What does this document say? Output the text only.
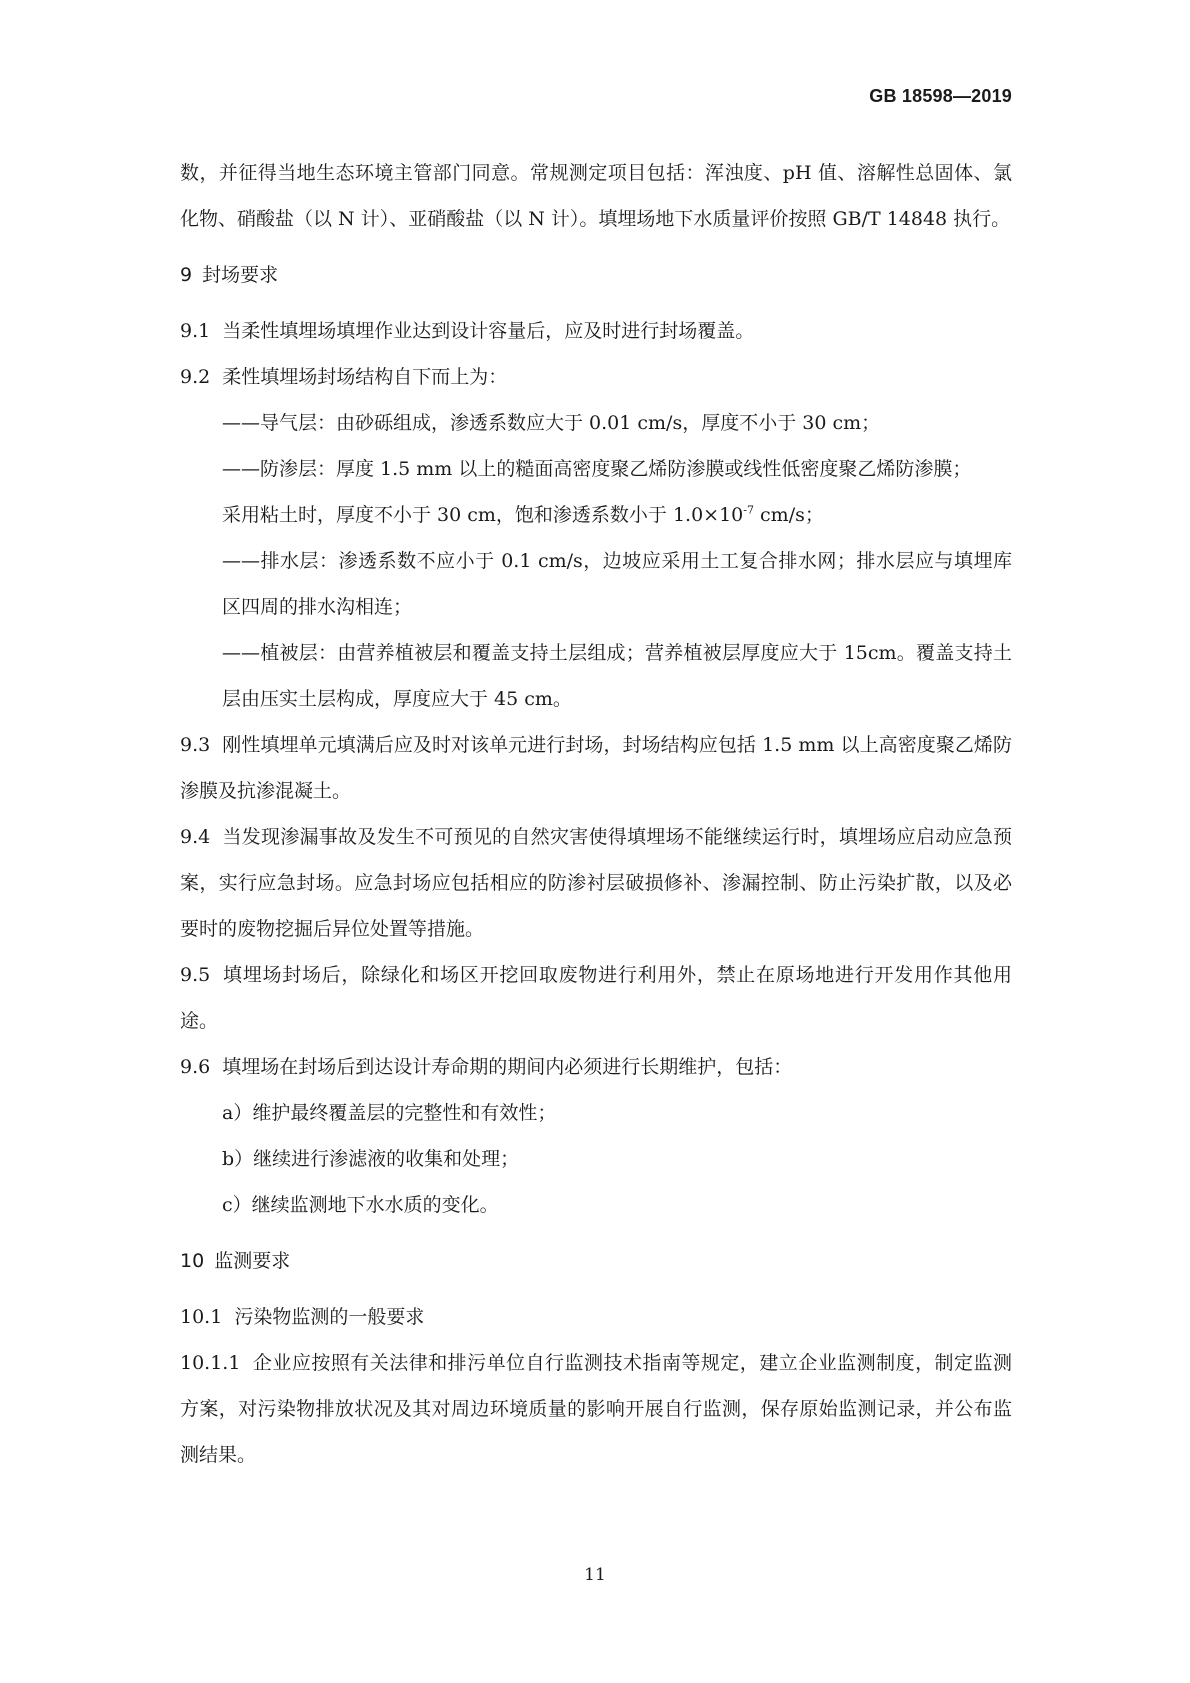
GB 18598—2019

数，并征得当地生态环境主管部门同意。常规测定项目包括：浑浊度、pH 值、溶解性总固体、氯化物、硝酸盐（以 N 计）、亚硝酸盐（以 N 计）。填埋场地下水质量评价按照 GB/T 14848 执行。

9 封场要求

9.1 当柔性填埋场填埋作业达到设计容量后，应及时进行封场覆盖。

9.2 柔性填埋场封场结构自下而上为：

——导气层：由砂砾组成，渗透系数应大于 0.01 cm/s，厚度不小于 30 cm；

——防渗层：厚度 1.5 mm 以上的糙面高密度聚乙烯防渗膜或线性低密度聚乙烯防渗膜；
采用粘土时，厚度不小于 30 cm，饱和渗透系数小于 $1.0\times 10^{-7}$ cm/s；

——排水层：渗透系数不应小于 0.1 cm/s，边坡应采用土工复合排水网；排水层应与填埋库区四周的排水沟相连；

——植被层：由营养植被层和覆盖支持土层组成；营养植被层厚度应大于 15cm。覆盖支持土层由压实土层构成，厚度应大于 45 cm。

9.3 刚性填埋单元填满后应及时对该单元进行封场，封场结构应包括 1.5 mm 以上高密度聚乙烯防渗膜及抗渗混凝土。

9.4 当发现渗漏事故及发生不可预见的自然灾害使得填埋场不能继续运行时，填埋场应启动应急预案，实行应急封场。应急封场应包括相应的防渗衬层破损修补、渗漏控制、防止污染扩散，以及必要时的废物挖掘后异位处置等措施。

9.5 填埋场封场后，除绿化和场区开挖回取废物进行利用外，禁止在原场地进行开发用作其他用途。

9.6 填埋场在封场后到达设计寿命期的期间内必须进行长期维护，包括：

a）维护最终覆盖层的完整性和有效性；

b）继续进行渗滤液的收集和处理；

c）继续监测地下水水质的变化。

10 监测要求

10.1 污染物监测的一般要求

10.1.1 企业应按照有关法律和排污单位自行监测技术指南等规定，建立企业监测制度，制定监测方案，对污染物排放状况及其对周边环境质量的影响开展自行监测，保存原始监测记录，并公布监测结果。

11
